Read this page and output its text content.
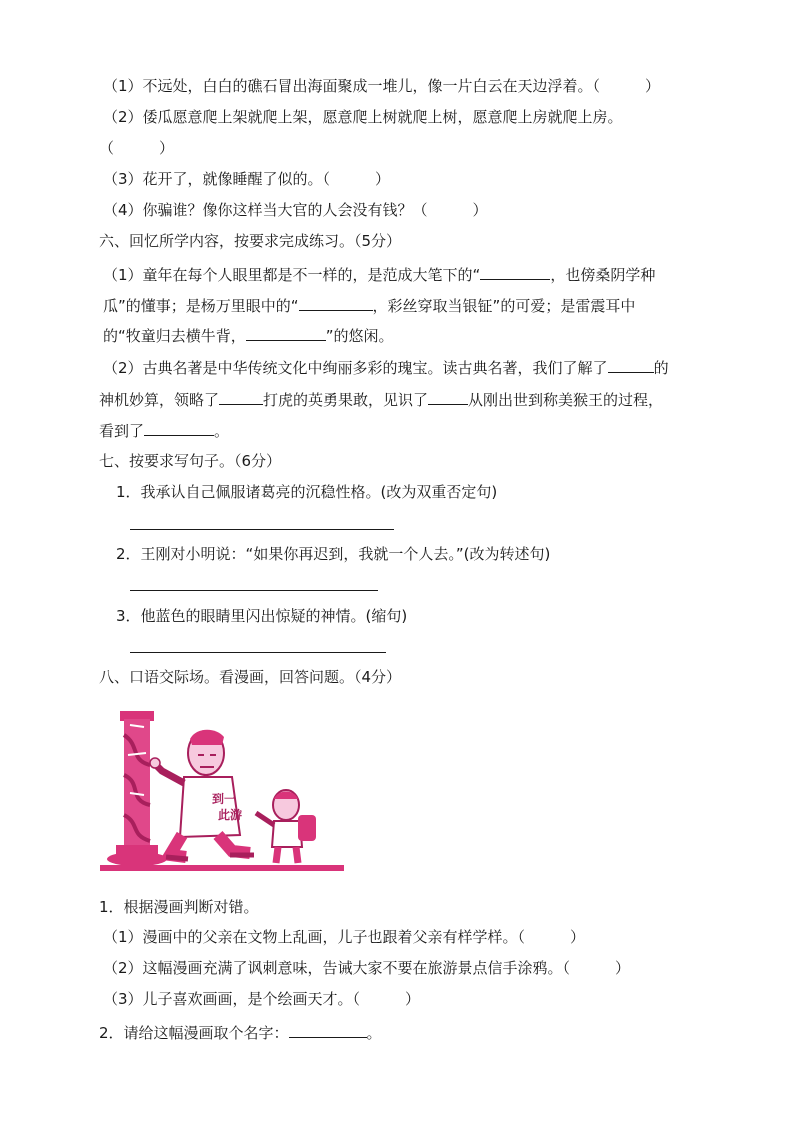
（1）不远处，白白的礁石冒出海面聚成一堆儿，像一片白云在天边浮着。（　　　）
（2）倭瓜愿意爬上架就爬上架，愿意爬上树就爬上树，愿意爬上房就爬上房。
（　　　）
（3）花开了，就像睡醒了似的。（　　　）
（4）你骗谁？像你这样当大官的人会没有钱？（　　　）
六、回忆所学内容，按要求完成练习。（5分）
（1）童年在每个人眼里都是不一样的，是范成大笔下的“	，也傍桑阴学种
瓜”的懂事；是杨万里眼中的“	，彩丝穿取当银钲”的可爱；是雷震耳中
的“牧童归去横牛背，	”的悠闲。
（2）古典名著是中华传统文化中绚丽多彩的瑰宝。读古典名著，我们了解了	的
神机妙算，领略了	打虎的英勇果敢，见识了	从刚出世到称美猴王的过程，
看到了	。
七、按要求写句子。（6分）
1．我承认自己佩服诸葛亮的沉稳性格。(改为双重否定句)
2．王刚对小明说：“如果你再迟到，我就一个人去。”(改为转述句)
3．他蓝色的眼睛里闪出惊疑的神情。(缩句)
八、口语交际场。看漫画，回答问题。（4分）
到一
此游
1．根据漫画判断对错。
（1）漫画中的父亲在文物上乱画，儿子也跟着父亲有样学样。（　　　）
（2）这幅漫画充满了讽刺意味，告诫大家不要在旅游景点信手涂鸦。（　　　）
（3）儿子喜欢画画，是个绘画天才。（　　　）
2．请给这幅漫画取个名字：	。
